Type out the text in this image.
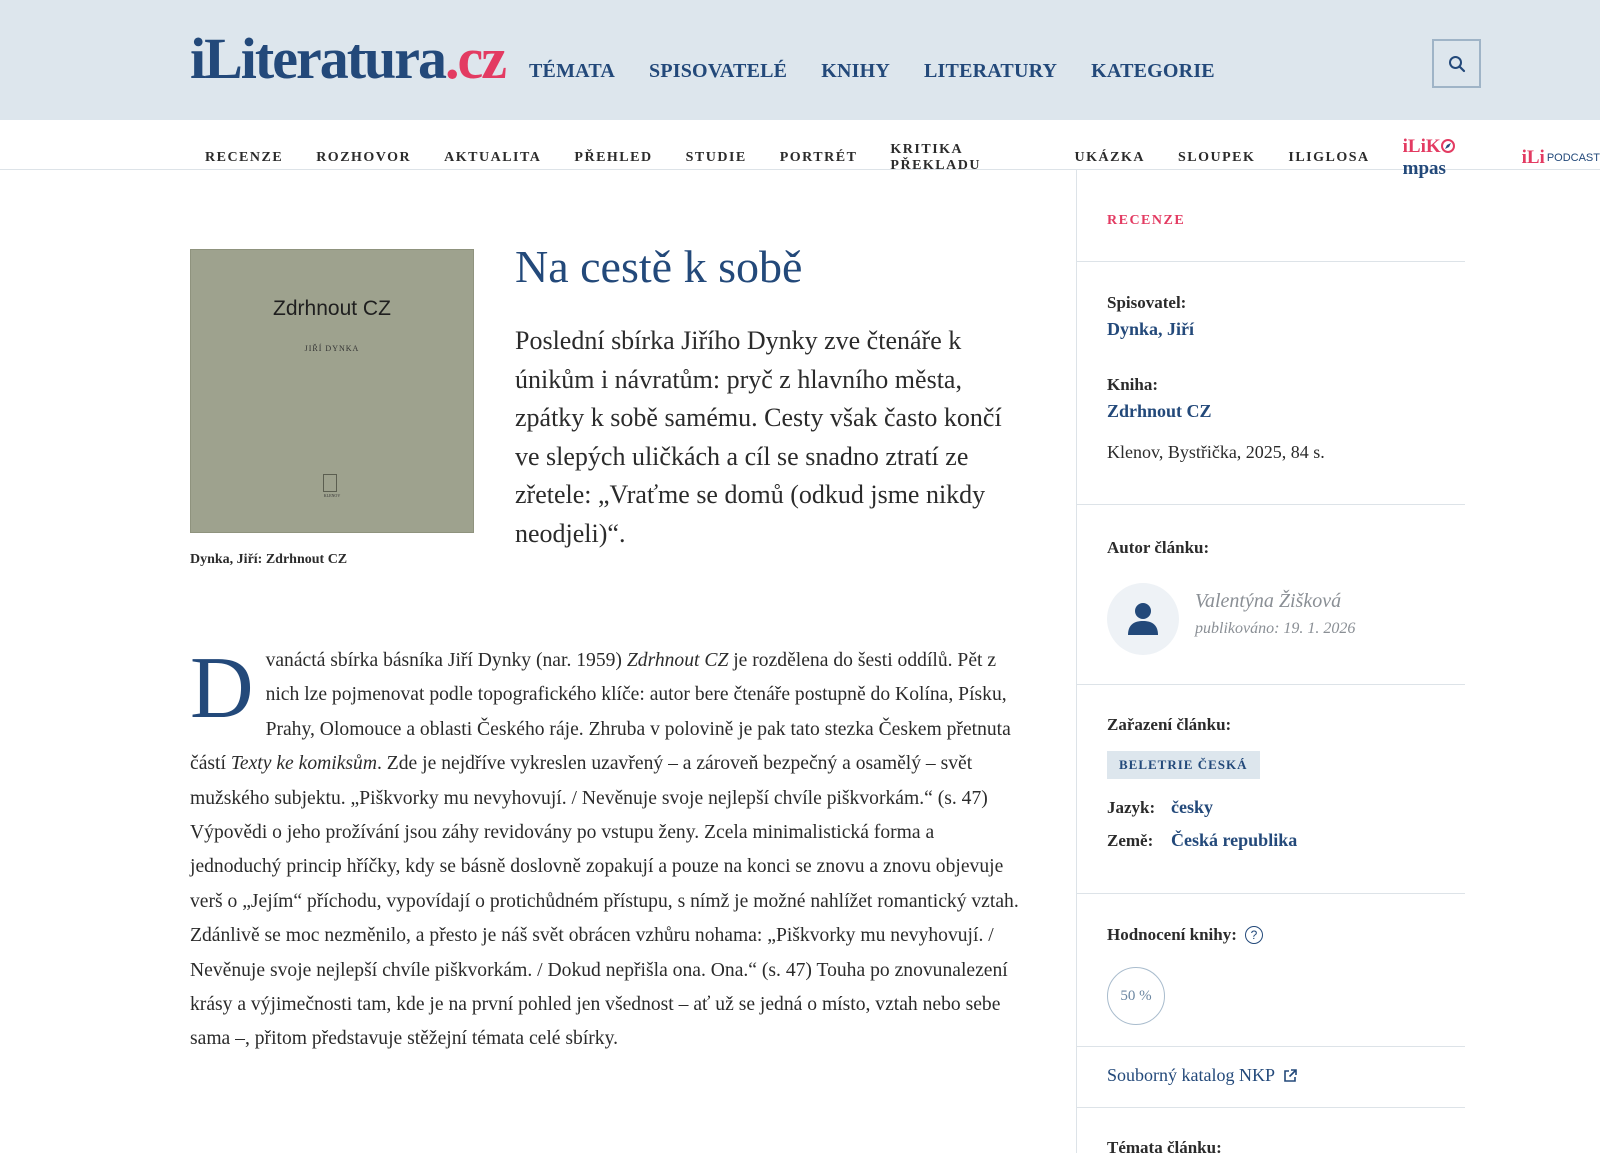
iLiteratura.cz TÉMATA SPISOVATELÉ KNIHY LITERATURY KATEGORIE
RECENZE ROZHOVOR AKTUALITA PŘEHLED STUDIE PORTRÉT
KRITIKA PŘEKLADU
UKÁZKA SLOUPEK ILIGLOSA
iLiKmpas
iLi PODCAST
Zdrhnout CZ
JIŘÍ DYNKA
KLENOV
Dynka, Jiří: Zdrhnout CZ
Na cestě k sobě

Poslední sbírka Jiřího Dynky zve čtenáře k únikům i návratům: pryč z hlavního města, zpátky k sobě samému. Cesty však často končí ve slepých uličkách a cíl se snadno ztratí ze zřetele: „Vraťme se domů (odkud jsme nikdy neodjeli)“.

Dvanáctá sbírka básníka Jiří Dynky (nar. 1959) Zdrhnout CZ je rozdělena do šesti oddílů. Pět z nich lze pojmenovat podle topografického klíče: autor bere čtenáře postupně do Kolína, Písku, Prahy, Olomouce a oblasti Českého ráje. Zhruba v polovině je pak tato stezka Českem přetnuta částí Texty ke komiksům. Zde je nejdříve vykreslen uzavřený – a zároveň bezpečný a osamělý – svět mužského subjektu. „Piškvorky mu nevyhovují. / Nevěnuje svoje nejlepší chvíle piškvorkám.“ (s. 47) Výpovědi o jeho prožívání jsou záhy revidovány po vstupu ženy. Zcela minimalistická forma a jednoduchý princip hříčky, kdy se básně doslovně zopakují a pouze na konci se znovu a znovu objevuje verš o „Jejím“ příchodu, vypovídají o protichůdném přístupu, s nímž je možné nahlížet romantický vztah. Zdánlivě se moc nezměnilo, a přesto je náš svět obrácen vzhůru nohama: „Piškvorky mu nevyhovují. / Nevěnuje svoje nejlepší chvíle piškvorkám. / Dokud nepřišla ona. Ona.“ (s. 47) Touha po znovunalezení krásy a výjimečnosti tam, kde je na první pohled jen všednost – ať už se jedná o místo, vztah nebo sebe sama –, přitom představuje stěžejní témata celé sbírky.
RECENZE
Spisovatel:
Dynka, Jiří
Kniha:
Zdrhnout CZ
Klenov, Bystřička, 2025, 84 s.
Autor článku:
Valentýna Žišková
publikováno: 19. 1. 2026
Zařazení článku:
BELETRIE ČESKÁ
Jazyk: česky
Země: Česká republika
Hodnocení knihy:	?
50 %
Souborný katalog NKP
Témata článku:
